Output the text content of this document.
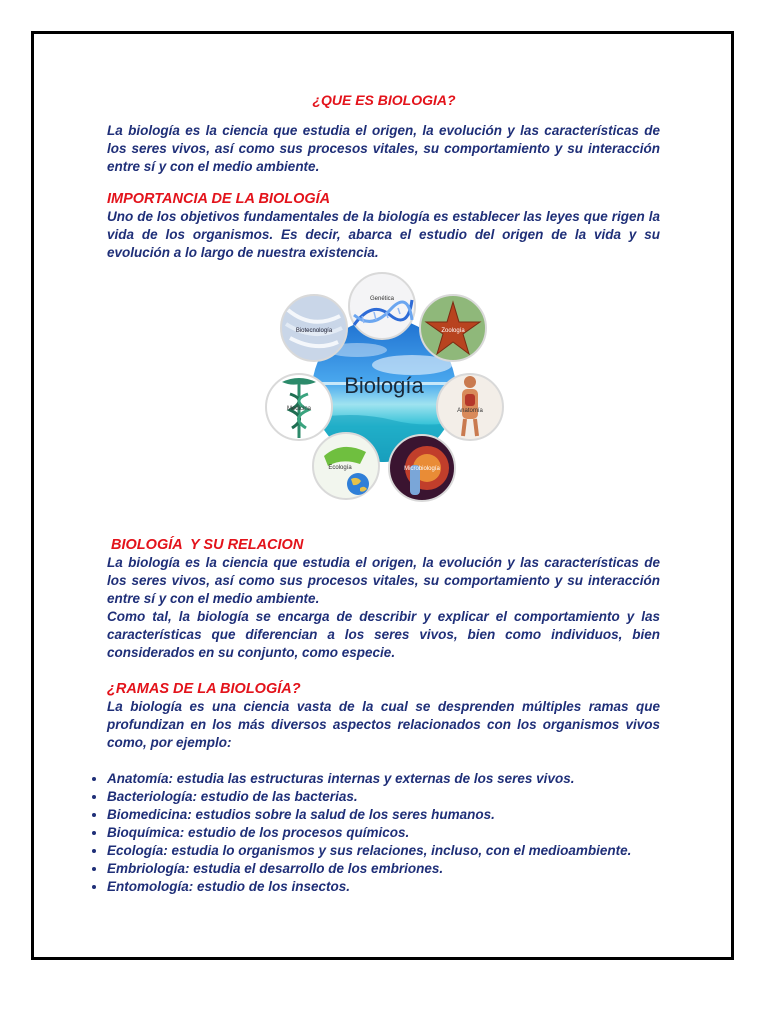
¿QUE ES BIOLOGIA?

La biología es la ciencia que estudia el origen, la evolución y las características de los seres vivos, así como sus procesos vitales, su comportamiento y su interacción entre sí y con el medio ambiente.

IMPORTANCIA DE LA BIOLOGÍA

Uno de los objetivos fundamentales de la biología es establecer las leyes que rigen la vida de los organismos. Es decir, abarca el estudio del origen de la vida y su evolución a lo largo de nuestra existencia.

Biología
Genética
Zoología
Anatomía
Microbiología
Ecología
Medicina
Biotecnología
BIOLOGÍA  Y SU RELACION

La biología es la ciencia que estudia el origen, la evolución y las características de los seres vivos, así como sus procesos vitales, su comportamiento y su interacción entre sí y con el medio ambiente.

Como tal, la biología se encarga de describir y explicar el comportamiento y las características que diferencian a los seres vivos, bien como individuos, bien considerados en su conjunto, como especie.

¿RAMAS DE LA BIOLOGÍA?

La biología es una ciencia vasta de la cual se desprenden múltiples ramas que profundizan en los más diversos aspectos relacionados con los organismos vivos como, por ejemplo:

• Anatomía: estudia las estructuras internas y externas de los seres vivos.
• Bacteriología: estudio de las bacterias.
• Biomedicina: estudios sobre la salud de los seres humanos.
• Bioquímica: estudio de los procesos químicos.
• Ecología: estudia lo organismos y sus relaciones, incluso, con el medioambiente.
• Embriología: estudia el desarrollo de los embriones.
• Entomología: estudio de los insectos.
